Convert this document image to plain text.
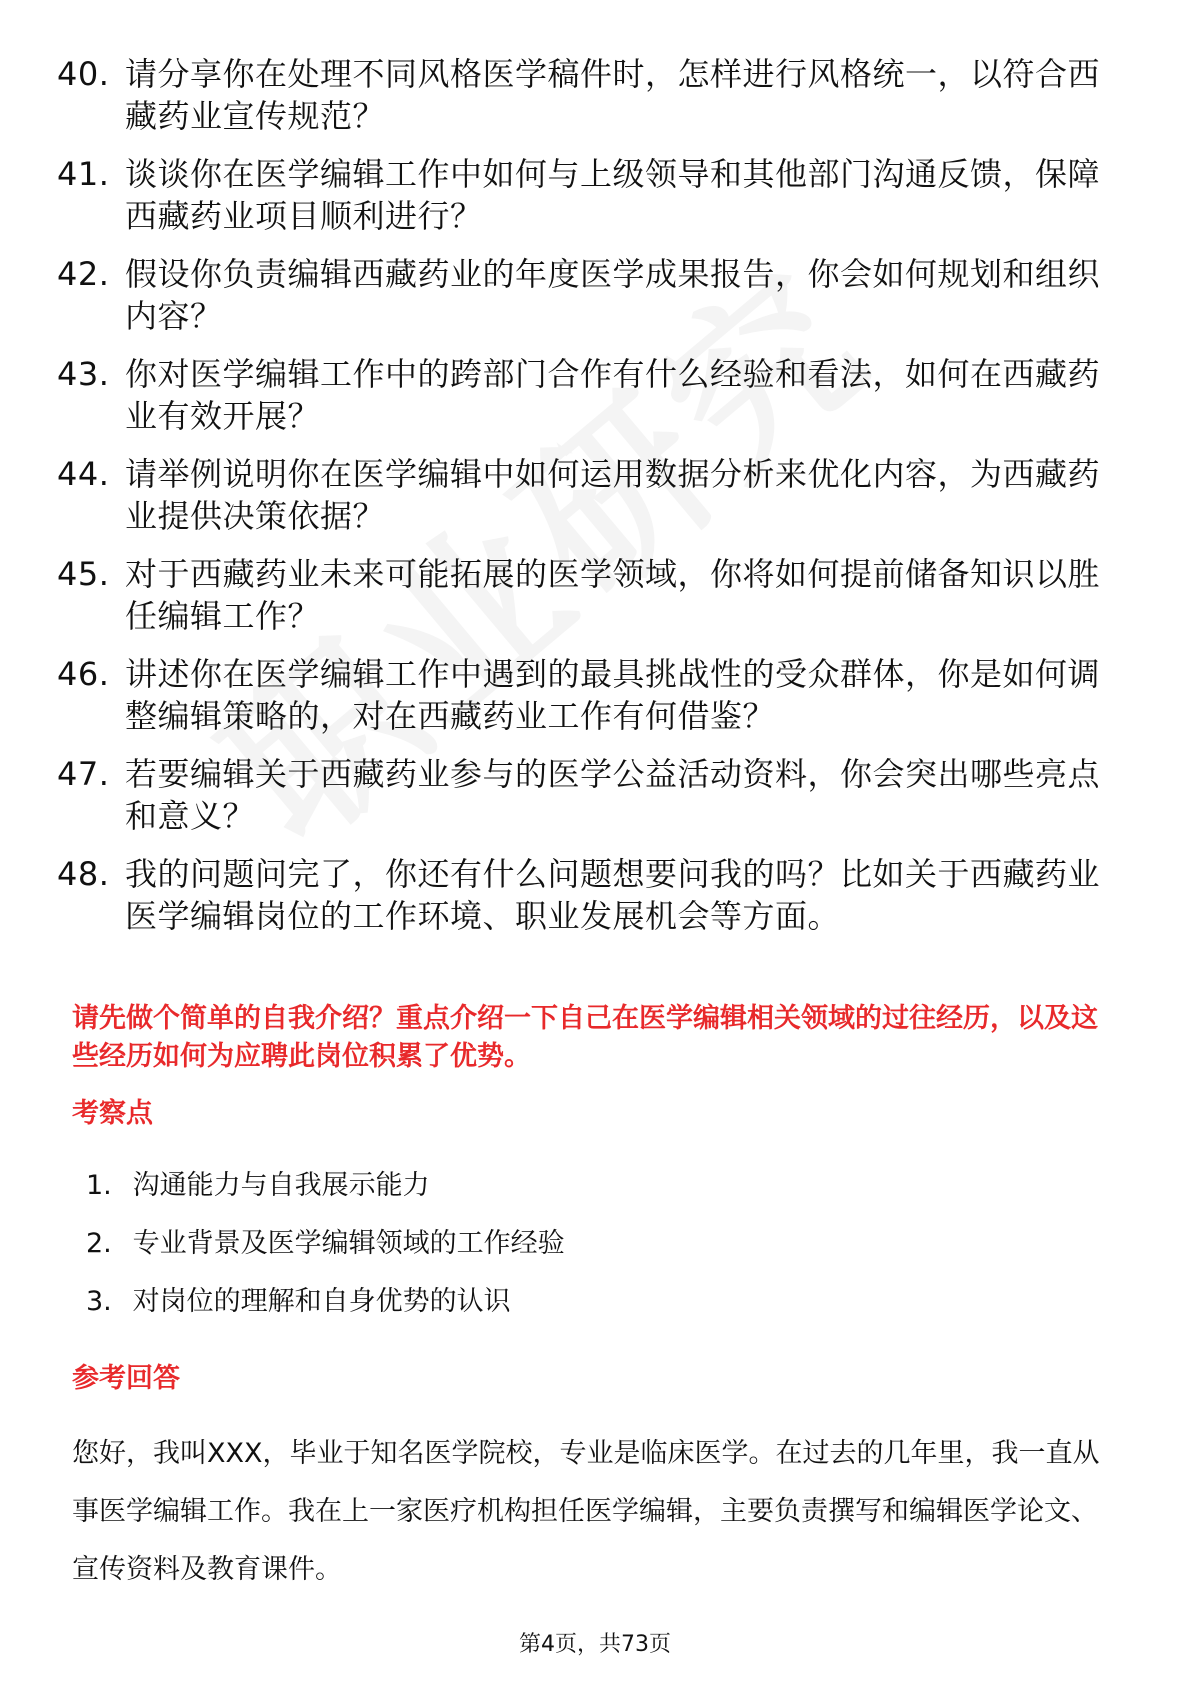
40. 请分享你在处理不同风格医学稿件时，怎样进行风格统一，以符合西藏药业宣传规范？
41. 谈谈你在医学编辑工作中如何与上级领导和其他部门沟通反馈，保障西藏药业项目顺利进行？
42. 假设你负责编辑西藏药业的年度医学成果报告，你会如何规划和组织内容？
43. 你对医学编辑工作中的跨部门合作有什么经验和看法，如何在西藏药业有效开展？
44. 请举例说明你在医学编辑中如何运用数据分析来优化内容，为西藏药业提供决策依据？
45. 对于西藏药业未来可能拓展的医学领域，你将如何提前储备知识以胜任编辑工作？
46. 讲述你在医学编辑工作中遇到的最具挑战性的受众群体，你是如何调整编辑策略的，对在西藏药业工作有何借鉴？
47. 若要编辑关于西藏药业参与的医学公益活动资料，你会突出哪些亮点和意义？
48. 我的问题问完了，你还有什么问题想要问我的吗？比如关于西藏药业医学编辑岗位的工作环境、职业发展机会等方面。
请先做个简单的自我介绍？重点介绍一下自己在医学编辑相关领域的过往经历，以及这些经历如何为应聘此岗位积累了优势。
考察点
1. 沟通能力与自我展示能力
2. 专业背景及医学编辑领域的工作经验
3. 对岗位的理解和自身优势的认识
参考回答
您好，我叫XXX，毕业于知名医学院校，专业是临床医学。在过去的几年里，我一直从事医学编辑工作。我在上一家医疗机构担任医学编辑，主要负责撰写和编辑医学论文、宣传资料及教育课件。
第4页，共73页
